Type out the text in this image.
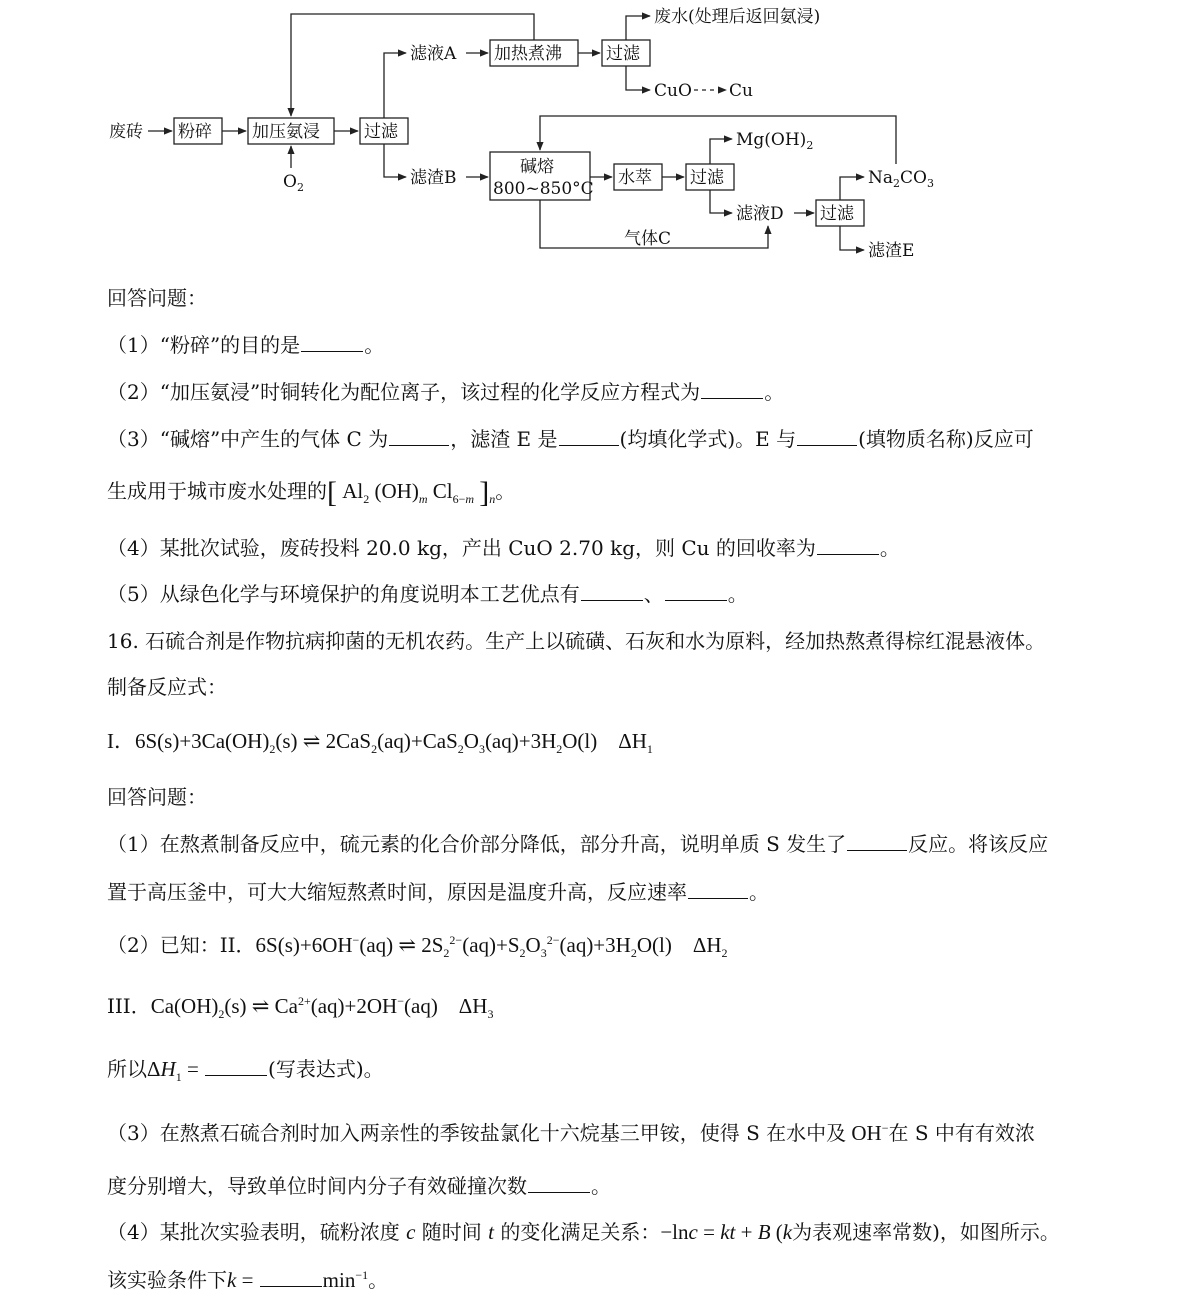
废砖 粉碎 加压氨浸	过滤
$O_2$
滤液A 加热煮沸	过滤
废水(处理后返回氨浸)
CuO Cu
滤渣B
碱熔
800~850°C
水萃 过滤
$Mg(OH)_2$
滤液D 过滤
$Na_2CO_3$
滤渣E
气体C
回答问题：
（1）“粉碎”的目的是	。
（2）“加压氨浸”时铜转化为配位离子，该过程的化学反应方程式为	。
（3）“碱熔”中产生的气体 C 为	，滤渣 E 是	(均填化学式)。E 与	(填物质名称)反应可
生成用于城市废水处理的[ $Al_2$ $(OH)_m$ $Cl_{6-m}$ ]$_n$。
（4）某批次试验，废砖投料 20.0 kg，产出 CuO 2.70 kg，则 Cu 的回收率为	。
（5）从绿色化学与环境保护的角度说明本工艺优点有	、	。
16. 石硫合剂是作物抗病抑菌的无机农药。生产上以硫磺、石灰和水为原料，经加热熬煮得棕红混悬液体。
制备反应式：
I．$6S(s)+3Ca(OH)_2(s)$ ⇌ $2CaS_2(aq)+CaS_2O_3(aq)+3H_2O(l)$    $\Delta H_1$
回答问题：
（1）在熬煮制备反应中，硫元素的化合价部分降低，部分升高，说明单质 S 发生了	反应。将该反应
置于高压釜中，可大大缩短熬煮时间，原因是温度升高，反应速率	。
（2）已知：II．6S(s)+6OH−(aq) ⇌ $2S_2^{2-}(aq)+S_2O_3^{2-}(aq)+3H_2O(l)$    $\Delta H_2$
III．$Ca(OH)_2(s)$ ⇌ $Ca^{2+}(aq)+2OH^-(aq)$    $\Delta H_3$
所以$\Delta H_1$ =	(写表达式)。
（3）在熬煮石硫合剂时加入两亲性的季铵盐氯化十六烷基三甲铵，使得 S 在水中及 OH−在 S 中有有效浓
度分别增大，导致单位时间内分子有效碰撞次数	。
（4）某批次实验表明，硫粉浓度 c 随时间 t 的变化满足关系：−lnc = kt + B (k为表观速率常数)，如图所示。
该实验条件下k =	$\min^{-1}$。
